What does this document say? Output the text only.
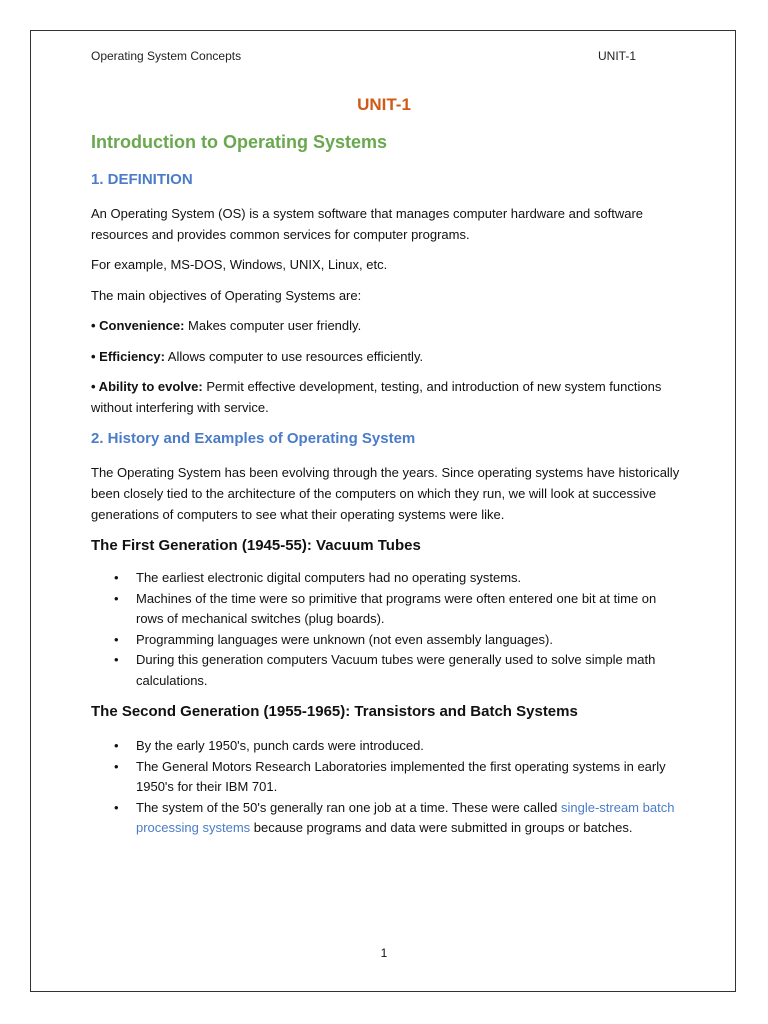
Operating System Concepts	UNIT-1
UNIT-1
Introduction to Operating Systems
1. DEFINITION
An Operating System (OS) is a system software that manages computer hardware and software resources and provides common services for computer programs.
For example, MS-DOS, Windows, UNIX, Linux, etc.
The main objectives of Operating Systems are:
• Convenience: Makes computer user friendly.
• Efficiency: Allows computer to use resources efficiently.
• Ability to evolve: Permit effective development, testing, and introduction of new system functions without interfering with service.
2. History and Examples of Operating System
The Operating System has been evolving through the years. Since operating systems have historically been closely tied to the architecture of the computers on which they run, we will look at successive generations of computers to see what their operating systems were like.
The First Generation (1945-55): Vacuum Tubes
• The earliest electronic digital computers had no operating systems.
• Machines of the time were so primitive that programs were often entered one bit at time on rows of mechanical switches (plug boards).
• Programming languages were unknown (not even assembly languages).
• During this generation computers Vacuum tubes were generally used to solve simple math calculations.
The Second Generation (1955-1965): Transistors and Batch Systems
• By the early 1950's, punch cards were introduced.
• The General Motors Research Laboratories implemented the first operating systems in early 1950's for their IBM 701.
• The system of the 50's generally ran one job at a time. These were called single-stream batch processing systems because programs and data were submitted in groups or batches.
1
